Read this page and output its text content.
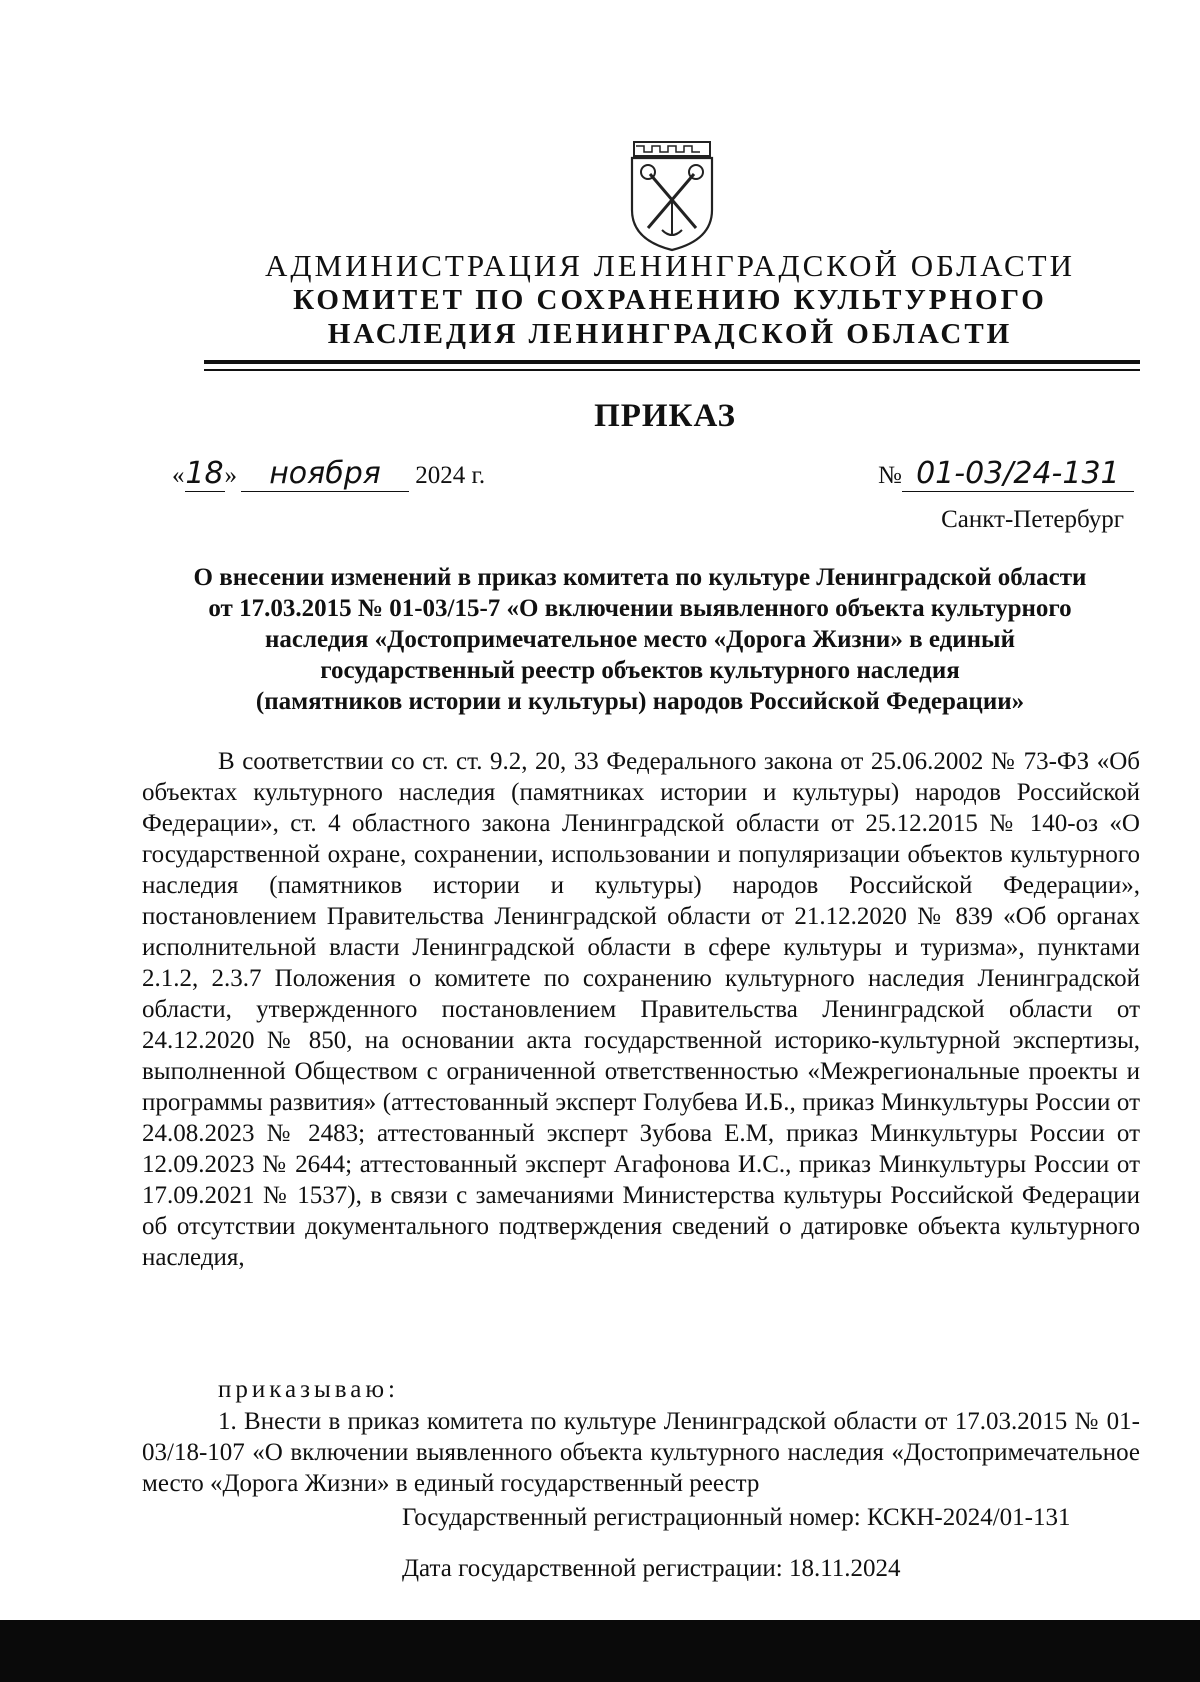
АДМИНИСТРАЦИЯ ЛЕНИНГРАДСКОЙ ОБЛАСТИ
КОМИТЕТ ПО СОХРАНЕНИЮ КУЛЬТУРНОГО
НАСЛЕДИЯ ЛЕНИНГРАДСКОЙ ОБЛАСТИ
ПРИКАЗ
«18» ноября 2024 г.	№ 01-03/24-131
Санкт-Петербург
О внесении изменений в приказ комитета по культуре Ленинградской области
от 17.03.2015 № 01-03/15-7 «О включении выявленного объекта культурного
наследия «Достопримечательное место «Дорога Жизни» в единый
государственный реестр объектов культурного наследия
(памятников истории и культуры) народов Российской Федерации»

В соответствии со ст. ст. 9.2, 20, 33 Федерального закона от 25.06.2002 № 73-ФЗ «Об объектах культурного наследия (памятниках истории и культуры) народов Российской Федерации», ст. 4 областного закона Ленинградской области от 25.12.2015 № 140-оз «О государственной охране, сохранении, использовании и популяризации объектов культурного наследия (памятников истории и культуры) народов Российской Федерации», постановлением Правительства Ленинградской области от 21.12.2020 № 839 «Об органах исполнительной власти Ленинградской области в сфере культуры и туризма», пунктами 2.1.2, 2.3.7 Положения о комитете по сохранению культурного наследия Ленинградской области, утвержденного постановлением Правительства Ленинградской области от 24.12.2020 № 850, на основании акта государственной историко-культурной экспертизы, выполненной Обществом с ограниченной ответственностью «Межрегиональные проекты и программы развития» (аттестованный эксперт Голубева И.Б., приказ Минкультуры России от 24.08.2023 № 2483; аттестованный эксперт Зубова Е.М, приказ Минкультуры России от 12.09.2023 № 2644; аттестованный эксперт Агафонова И.С., приказ Минкультуры России от 17.09.2021 № 1537), в связи с замечаниями Министерства культуры Российской Федерации об отсутствии документального подтверждения сведений о датировке объекта культурного наследия,

приказываю:

1. Внести в приказ комитета по культуре Ленинградской области от 17.03.2015 № 01-03/18-107 «О включении выявленного объекта культурного наследия «Достопримечательное место «Дорога Жизни» в единый государственный реестр

Государственный регистрационный номер: КСКН-2024/01-131
Дата государственной регистрации: 18.11.2024
